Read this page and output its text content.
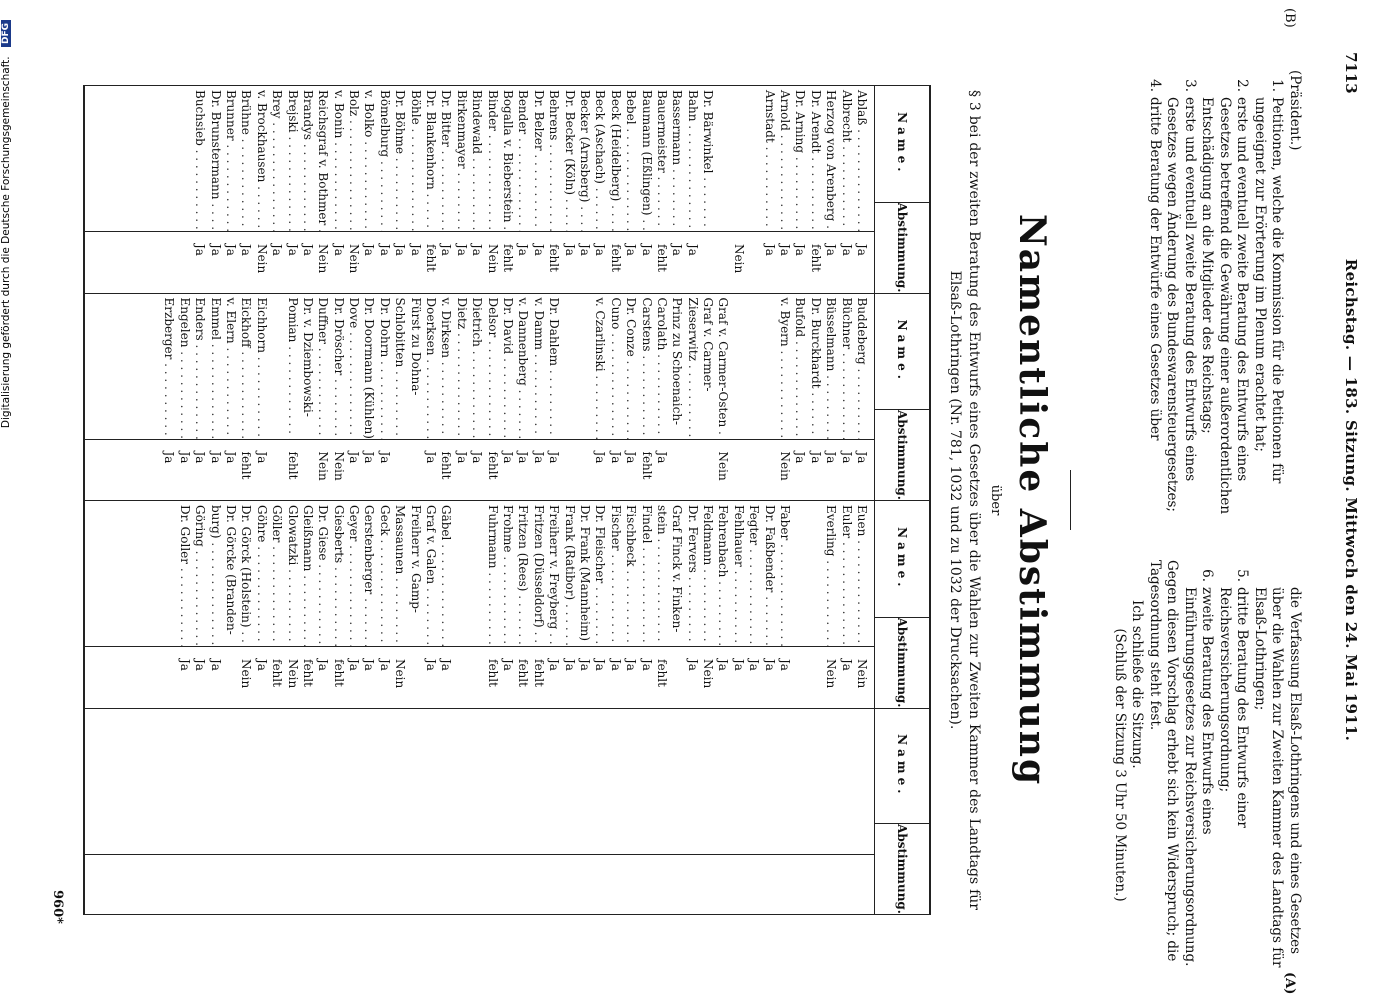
7113
Reichstag. — 183. Sitzung. Mittwoch den 24. Mai 1911.
(B)
(A)
(Präsident.)
1.
Petitionen, welche die Kommission für die Petitionen für ungeeignet zur Erörterung im Plenum erachtet hat;
2.
erste und eventuell zweite Beratung des Entwurfs eines Gesetzes betreffend die Gewährung einer außerordentlichen Entschädigung an die Mitglieder des Reichstags;
3.
erste und eventuell zweite Beratung des Entwurfs eines Gesetzes wegen Änderung des Bundeswarensteuergesetzes;
4.
dritte Beratung der Entwürfe eines Gesetzes über
die Verfassung Elsaß-Lothringens und eines Gesetzes über die Wahlen zur Zweiten Kammer des Landtags für Elsaß-Lothringen;
5.
dritte Beratung des Entwurfs einer Reichsversicherungsordnung;
6.
zweite Beratung des Entwurfs eines Einführungsgesetzes zur Reichsversicherungsordnung.
Gegen diesen Vorschlag erhebt sich kein Widerspruch; die Tagesordnung steht fest.
Ich schließe die Sitzung.
(Schluß der Sitzung 3 Uhr 50 Minuten.)
Namentliche Abstimmung
über
§ 3 bei der zweiten Beratung des Entwurfs eines Gesetzes über die Wahlen zur Zweiten Kammer des Landtags für Elsaß-Lothringen (Nr. 781, 1032 und zu 1032 der Drucksachen).
Name.
Abstimmung.
Ablaß . . .
Albrecht . . .
Herzog von Arenberg . . .
Dr. Arendt . . .
Dr. Arning . . .
Arnold . . .
Arnstadt . . .
Dr. Bärwinkel . . .
Bahn . . .
Bassermann . . .
Bauermeister . . .
Baumann (Eßlingen) . . .
Bebel . . .
Beck (Heidelberg) . . .
Beck (Aschach) . . .
Becker (Arnsberg) . . .
Dr. Becker (Köln) . . .
Behrens . . .
Dr. Belzer . . .
Bender . . .
Bogalla v. Bieberstein . . .
Binder . . .
Bindewald . . .
Birkenmayer . . .
Dr. Bitter . . .
Dr. Blankenhorn . . .
Böhle . . .
Dr. Böhme . . .
Bömelburg . . .
v. Bolko . . .
Bolz . . .
v. Bonin . . .
Reichsgraf v. Bothmer . . .
Brandys . . .
Brejski . . .
Brey . . .
v. Brockhausen . . .
Brühne . . .
Brunner . . .
Dr. Brunstermann . . .
Buchsieb . . .
Ja
Ja
Ja
fehlt
Ja
Ja
Ja
Nein
Ja
Ja
fehlt
Ja
Ja
fehlt
Ja
Ja
Ja
fehlt
Ja
Ja
fehlt
Nein
Ja
Ja
Ja
fehlt
Ja
Ja
Ja
Ja
Nein
Ja
Nein
Ja
Ja
Ja
Nein
Ja
Ja
Ja
Ja
Name.
Abstimmung.
Buddeberg . . .
Büchner . . .
Büsselmann . . .
Dr. Burckhardt . . .
Bufold . . .
v. Byern . . .
Graf v. Carmer-Osten . . .
Graf v. Carmer-
Zieserwitz . . .
Prinz zu Schoenaich-
Carolath . . .
Carstens . . .
Dr. Conze . . .
Cuno . . .
v. Czarlinski . . .
Dr. Dahlem . . .
v. Damm . . .
v. Dannenberg . . .
Dr. David . . .
Delsor . . .
Dietrich . . .
Dietz . . .
v. Dirksen . . .
Doerksen . . .
Fürst zu Dohna-
Schlobitten . . .
Dr. Dohrn . . .
Dr. Doormann (Kühlen) . . .
Dove . . .
Dr. Dröscher . . .
Duffner . . .
Dr. v. Dziembowski-
Pomian . . .
Eichhorn . . .
Eickhoff . . .
v. Elern . . .
Emmel . . .
Enders . . .
Engelen . . .
Erzberger . . .
Ja
Ja
Ja
Ja
Ja
Nein
Nein
Ja
fehlt
Ja
Ja
Ja
Ja
Ja
Ja
Ja
fehlt
Ja
Ja
fehlt
Ja
Ja
Ja
Ja
Nein
Nein
fehlt
Ja
fehlt
Ja
Ja
Ja
Ja
Ja
Name.
Abstimmung.
Euen . . .
Euler . . .
Everling . . .
Faber . . .
Dr. Faßbender . . .
Fegter . . .
Fehlhauer . . .
Fehrenbach . . .
Feldmann . . .
Dr. Fervers . . .
Graf Finck v. Finken-
stein . . .
Findel . . .
Fischbeck . . .
Fischer . . .
Dr. Fleischer . . .
Dr. Frank (Mannheim) . . .
Frank (Ratibor) . . .
Freiherr v. Freyberg . . .
Fritzen (Düsseldorf) . . .
Fritzen (Rees) . . .
Frohme . . .
Fuhrmann . . .
Gäbel . . .
Graf v. Galen . . .
Freiherr v. Gamp-
Massaunen . . .
Geck . . .
Gerstenberger . . .
Geyer . . .
Giesberts . . .
Dr. Giese . . .
Gleißmann . . .
Glowatzki . . .
Göller . . .
Göhre . . .
Dr. Görck (Holstein) . . .
Dr. Görcke (Branden-
burg) . . .
Göring . . .
Dr. Goller . . .
Nein
Ja
Nein
Ja
Ja
Ja
Ja
Ja
Nein
Ja
fehlt
Ja
Ja
Ja
Ja
Ja
Ja
Ja
fehlt
fehlt
Ja
fehlt
Ja
Ja
Nein
Ja
Ja
Ja
fehlt
Ja
fehlt
Nein
fehlt
Ja
Nein
Ja
Ja
Ja
Name.
Abstimmung.
960*
Digitalisierung gefördert durch die Deutsche Forschungsgemeinschaft. DFG
